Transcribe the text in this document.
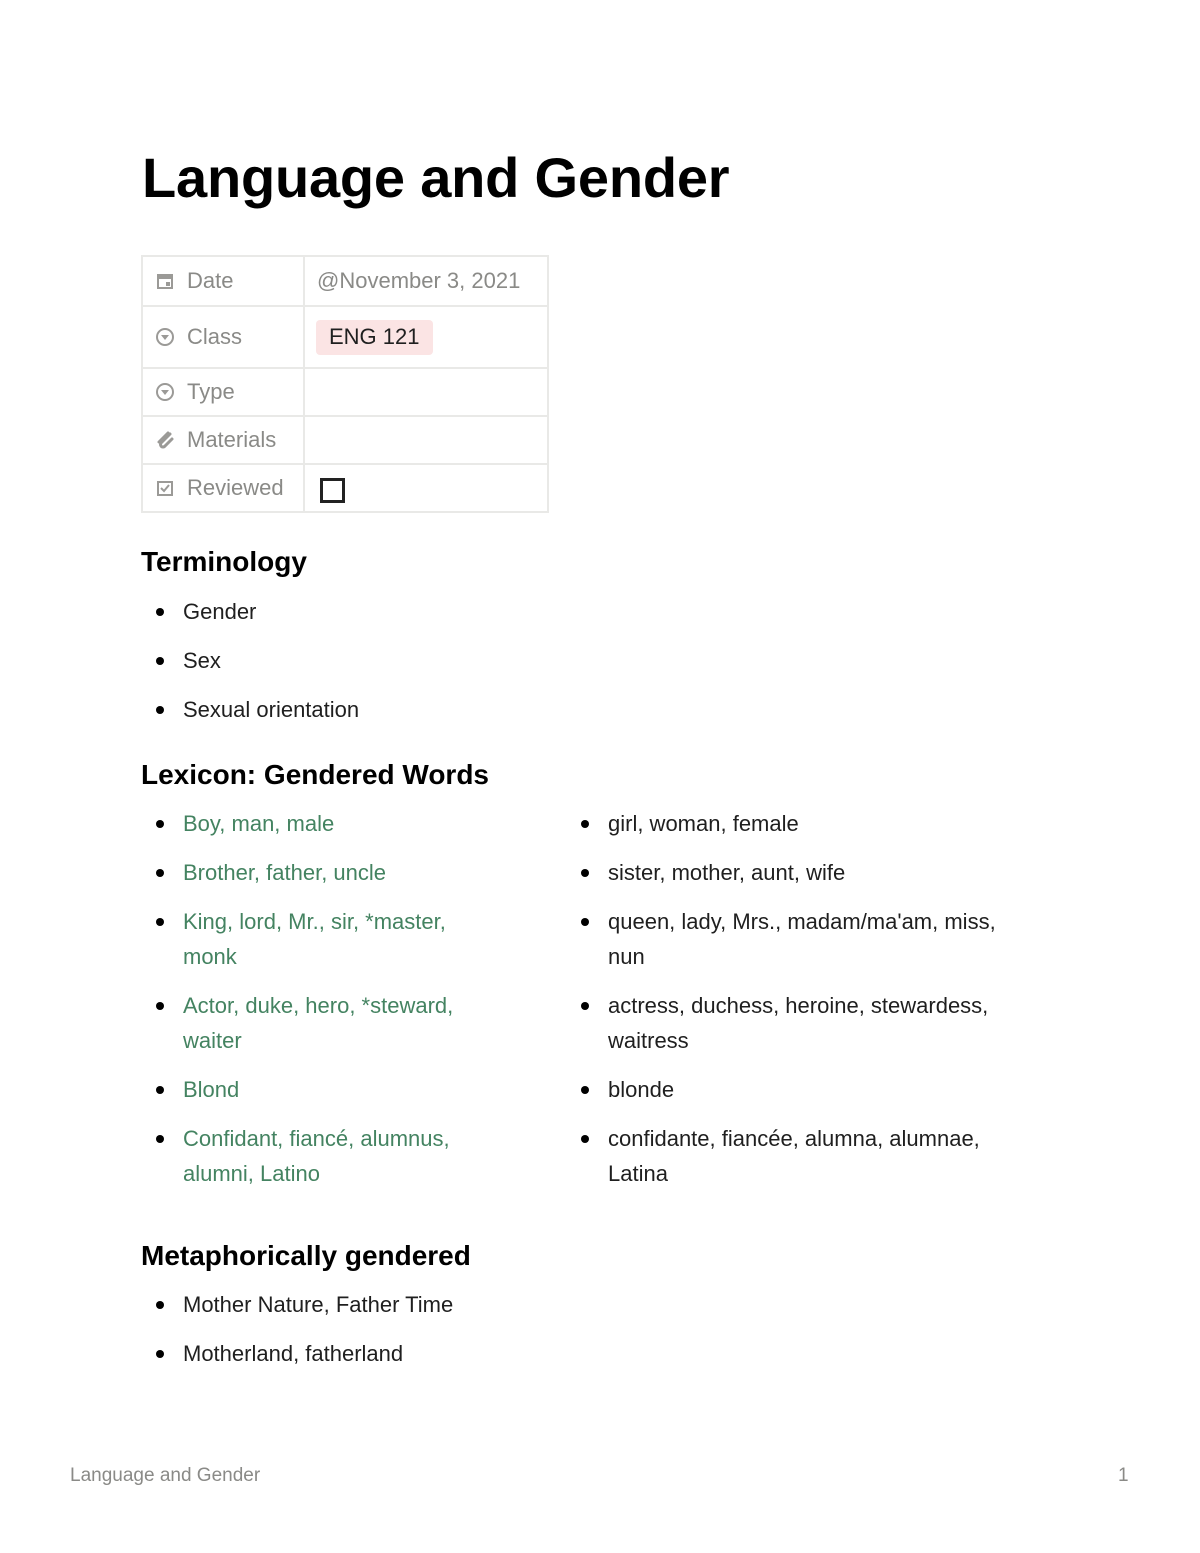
Language and Gender
Date	@November 3, 2021

Class	ENG 121

Type	

Materials	

Reviewed	

Terminology
Gender
Sex
Sexual orientation
Lexicon: Gendered Words
Boy, man, male
Brother, father, uncle
King, lord, Mr., sir, *master, monk
Actor, duke, hero, *steward, waiter
Blond
Confidant, fiancé, alumnus, alumni, Latino
girl, woman, female
sister, mother, aunt, wife
queen, lady, Mrs., madam/ma'am, miss, nun
actress, duchess, heroine, stewardess, waitress
blonde
confidante, fiancée, alumna, alumnae, Latina
Metaphorically gendered
Mother Nature, Father Time
Motherland, fatherland
Language and Gender	1
